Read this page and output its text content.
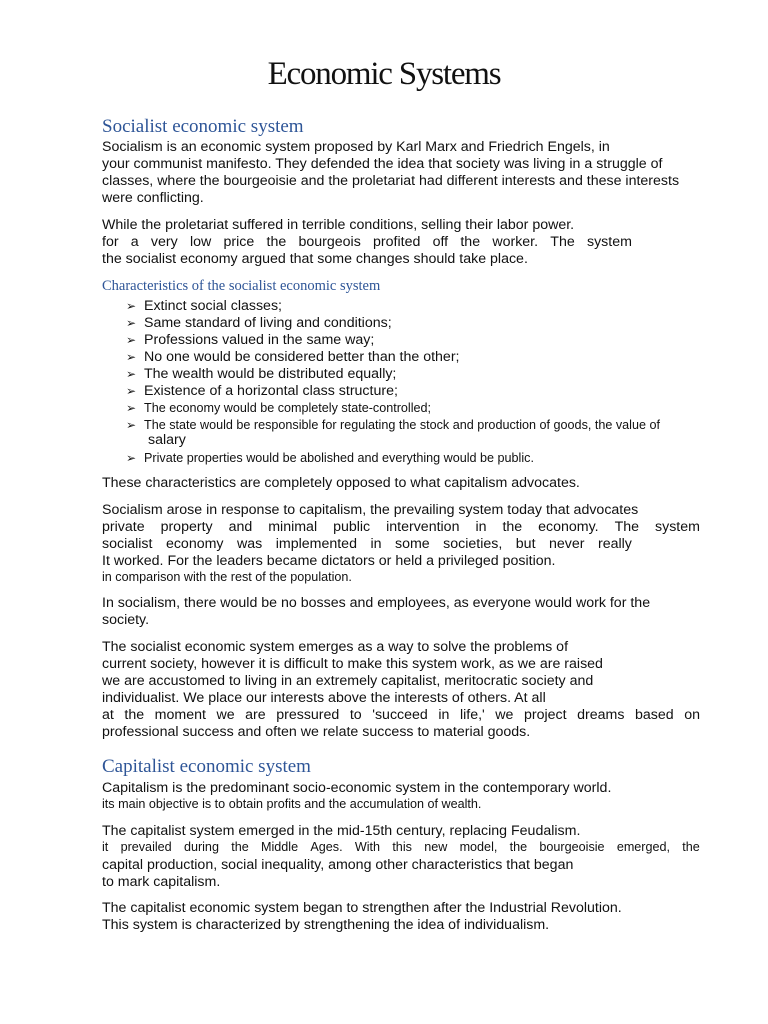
Economic Systems
Socialist economic system
Socialism is an economic system proposed by Karl Marx and Friedrich Engels, in
your communist manifesto. They defended the idea that society was living in a struggle of
classes, where the bourgeoisie and the proletariat had different interests and these interests
were conflicting.
While the proletariat suffered in terrible conditions, selling their labor power.
for a very low price the bourgeois profited off the worker. The system
the socialist economy argued that some changes should take place.
Characteristics of the socialist economic system
➢ Extinct social classes;
➢ Same standard of living and conditions;
➢ Professions valued in the same way;
➢ No one would be considered better than the other;
➢ The wealth would be distributed equally;
➢ Existence of a horizontal class structure;
➢ The economy would be completely state-controlled;
➢ The state would be responsible for regulating the stock and production of goods, the value of
salary
➢ Private properties would be abolished and everything would be public.
These characteristics are completely opposed to what capitalism advocates.
Socialism arose in response to capitalism, the prevailing system today that advocates
private property and minimal public intervention in the economy. The system
socialist economy was implemented in some societies, but never really
It worked. For the leaders became dictators or held a privileged position.
in comparison with the rest of the population.
In socialism, there would be no bosses and employees, as everyone would work for the
society.
The socialist economic system emerges as a way to solve the problems of
current society, however it is difficult to make this system work, as we are raised
we are accustomed to living in an extremely capitalist, meritocratic society and
individualist. We place our interests above the interests of others. At all
at the moment we are pressured to 'succeed in life,' we project dreams based on
professional success and often we relate success to material goods.
Capitalist economic system
Capitalism is the predominant socio-economic system in the contemporary world.
its main objective is to obtain profits and the accumulation of wealth.
The capitalist system emerged in the mid-15th century, replacing Feudalism.
it prevailed during the Middle Ages. With this new model, the bourgeoisie emerged, the
capital production, social inequality, among other characteristics that began
to mark capitalism.
The capitalist economic system began to strengthen after the Industrial Revolution.
This system is characterized by strengthening the idea of individualism.
